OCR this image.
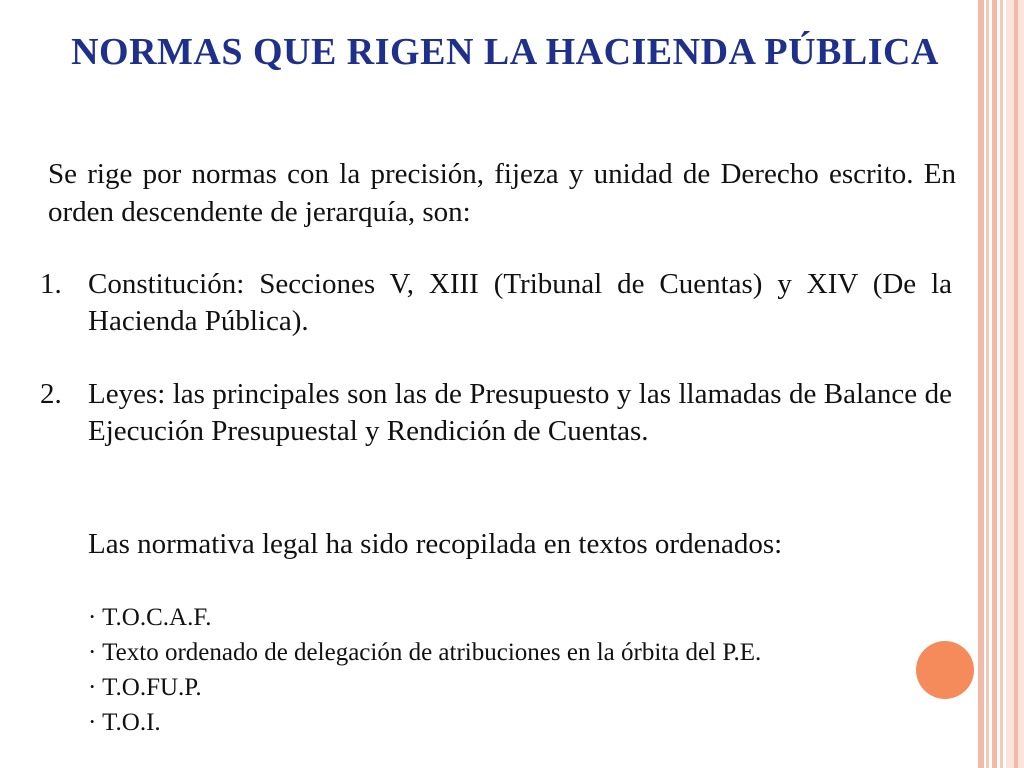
NORMAS QUE RIGEN LA HACIENDA PÚBLICA
Se rige por normas con la precisión, fijeza y unidad de Derecho escrito. En orden descendente de jerarquía, son:
1. Constitución: Secciones V, XIII (Tribunal de Cuentas) y XIV (De la Hacienda Pública).
2. Leyes: las principales son las de Presupuesto y las llamadas de Balance de Ejecución Presupuestal y Rendición de Cuentas.
Las normativa legal ha sido recopilada en textos ordenados:
· T.O.C.A.F.
· Texto ordenado de delegación de atribuciones en la órbita del P.E.
· T.O.FU.P.
· T.O.I.
